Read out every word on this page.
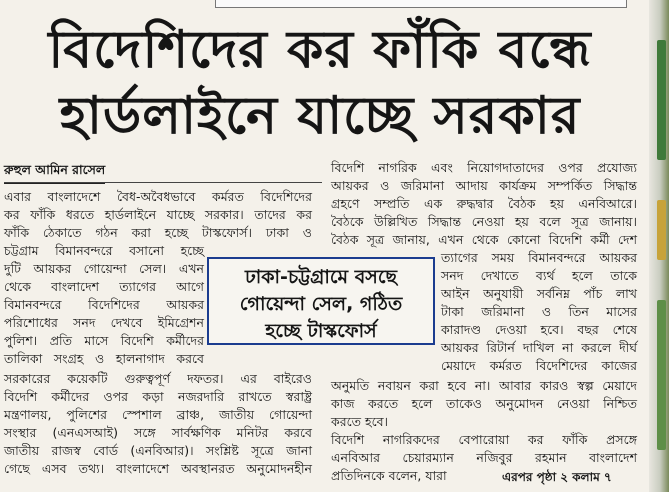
বিদেশিদের কর ফাঁকি বন্ধে
হার্ডলাইনে যাচ্ছে সরকার
রুহুল আমিন রাসেল
এবার বাংলাদেশে বৈধ-অবৈধভাবে কর্মরত বিদেশিদের
কর ফাঁকি ধরতে হার্ডলাইনে যাচ্ছে সরকার। তাদের কর
ফাঁকি ঠেকাতে গঠন করা হচ্ছে টাস্কফোর্স। ঢাকা ও
চট্টগ্রাম বিমানবন্দরে বসানো হচ্ছে
দুটি আয়কর গোয়েন্দা সেল। এখন
থেকে বাংলাদেশ ত্যাগের আগে
বিমানবন্দরে বিদেশিদের আয়কর
পরিশোধের সনদ দেখবে ইমিগ্রেশন
পুলিশ। প্রতি মাসে বিদেশি কর্মীদের
তালিকা সংগ্রহ ও হালনাগাদ করবে
সরকারের কয়েকটি গুরুত্বপূর্ণ দফতর। এর বাইরেও
বিদেশি কর্মীদের ওপর কড়া নজরদারি রাখতে স্বরাষ্ট্র
মন্ত্রণালয়, পুলিশের স্পেশাল ব্রাঞ্চ, জাতীয় গোয়েন্দা
সংস্থার (এনএসআই) সঙ্গে সার্বক্ষণিক মনিটর করবে
জাতীয় রাজস্ব বোর্ড (এনবিআর)। সংশ্লিষ্ট সূত্রে জানা
গেছে এসব তথ্য। বাংলাদেশে অবস্থানরত অনুমোদনহীন
ঢাকা-চট্টগ্রামে বসছে
গোয়েন্দা সেল, গঠিত
হচ্ছে টাস্কফোর্স
বিদেশি নাগরিক এবং নিয়োগদাতাদের ওপর প্রযোজ্য
আয়কর ও জরিমানা আদায় কার্যক্রম সম্পর্কিত সিদ্ধান্ত
গ্রহণে সম্প্রতি এক রুদ্ধদ্বার বৈঠক হয় এনবিআরে।
বৈঠকে উল্লিখিত সিদ্ধান্ত নেওয়া হয় বলে সূত্র জানায়।
বৈঠক সূত্র জানায়, এখন থেকে কোনো বিদেশি কর্মী দেশ
ত্যাগের সময় বিমানবন্দরে আয়কর
সনদ দেখাতে ব্যর্থ হলে তাকে
আইন অনুযায়ী সর্বনিম্ন পাঁচ লাখ
টাকা জরিমানা ও তিন মাসের
কারাদণ্ড দেওয়া হবে। বছর শেষে
আয়কর রিটার্ন দাখিল না করলে দীর্ঘ
মেয়াদে কর্মরত বিদেশিদের কাজের
অনুমতি নবায়ন করা হবে না। আবার কারও স্বল্প মেয়াদে
কাজ করতে হলে তাকেও অনুমোদন নেওয়া নিশ্চিত
করতে হবে।
বিদেশি নাগরিকদের বেপারোয়া কর ফাঁকি প্রসঙ্গে
এনবিআর চেয়ারম্যান নজিবুর রহমান বাংলাদেশ
প্রতিদিনকে বলেন, যারা	এরপর পৃষ্ঠা ২ কলাম ৭
